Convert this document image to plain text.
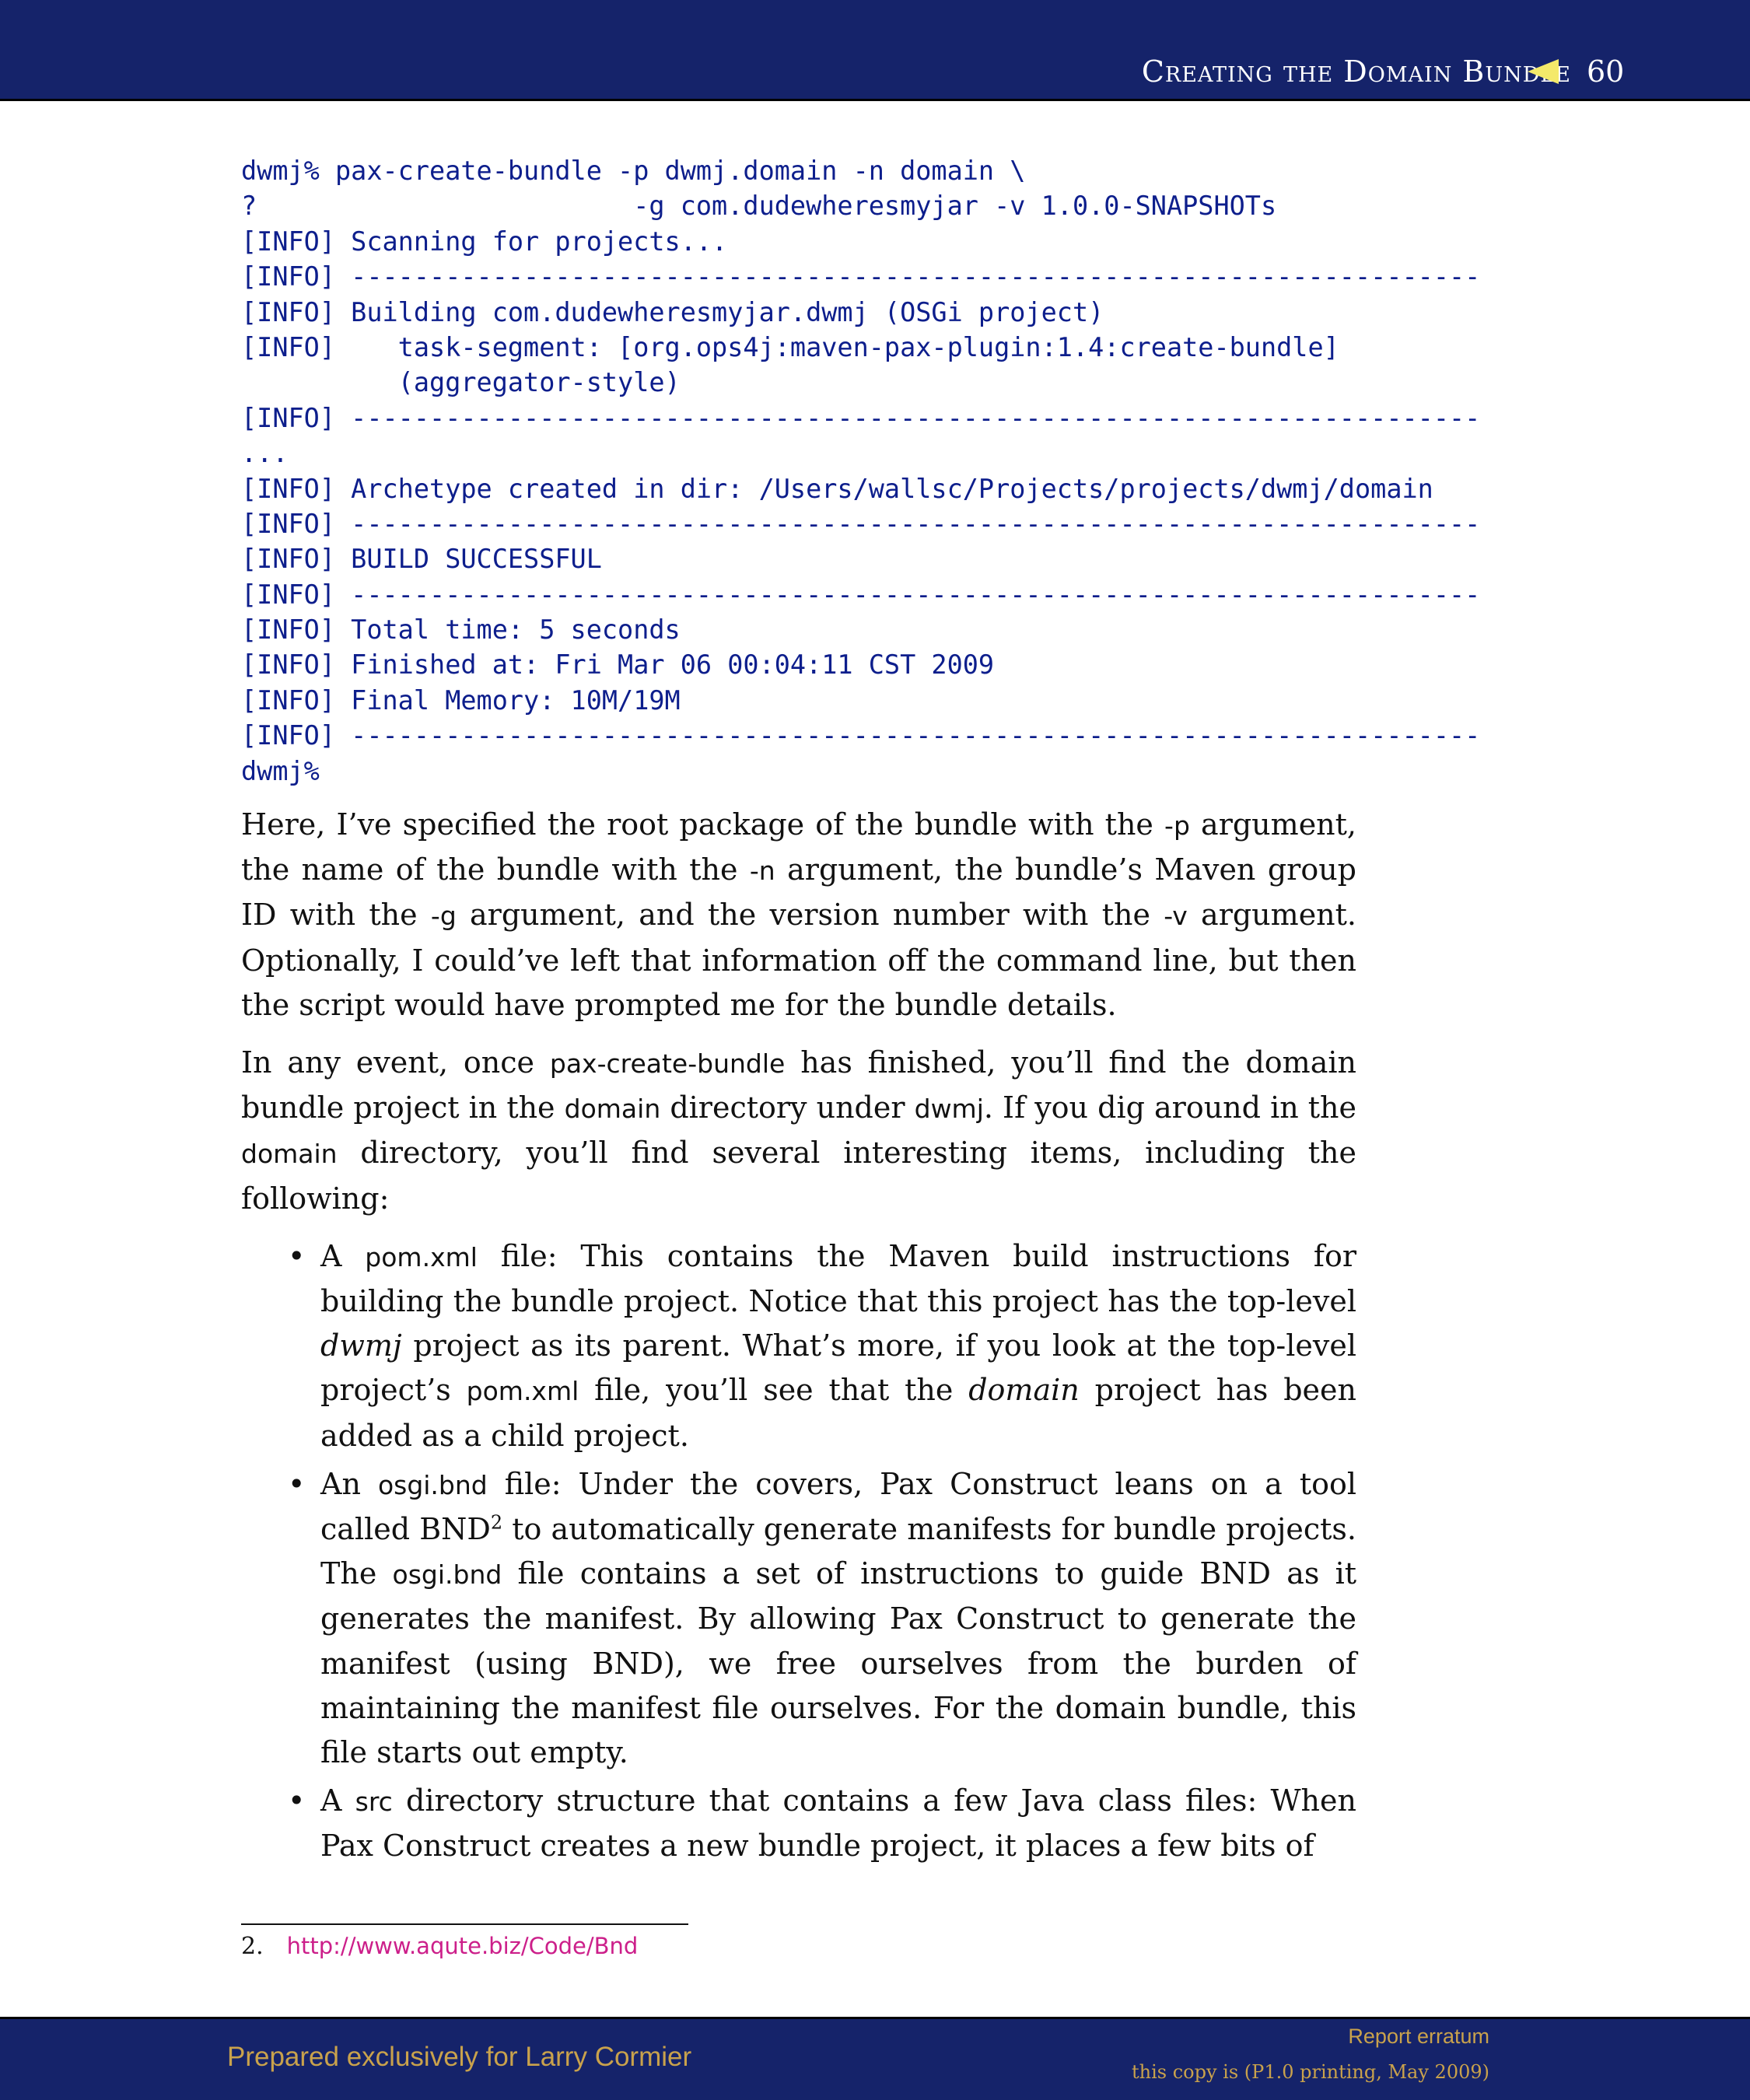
Creating the Domain Bundle 60
dwmj% pax-create-bundle -p dwmj.domain -n domain \
?                        -g com.dudewheresmyjar -v 1.0.0-SNAPSHOTs
[INFO] Scanning for projects...
[INFO] ------------------------------------------------------------------------
[INFO] Building com.dudewheresmyjar.dwmj (OSGi project)
[INFO]    task-segment: [org.ops4j:maven-pax-plugin:1.4:create-bundle]
(aggregator-style)
[INFO] ------------------------------------------------------------------------
...
[INFO] Archetype created in dir: /Users/wallsc/Projects/projects/dwmj/domain
[INFO] ------------------------------------------------------------------------
[INFO] BUILD SUCCESSFUL
[INFO] ------------------------------------------------------------------------
[INFO] Total time: 5 seconds
[INFO] Finished at: Fri Mar 06 00:04:11 CST 2009
[INFO] Final Memory: 10M/19M
[INFO] ------------------------------------------------------------------------
dwmj%

Here, I’ve specified the root package of the bundle with the -p argument, the name of the bundle with the -n argument, the bundle’s Maven group ID with the -g argument, and the version number with the -v argument. Optionally, I could’ve left that information off the command line, but then the script would have prompted me for the bundle details.

In any event, once pax-create-bundle has finished, you’ll find the domain bundle project in the domain directory under dwmj. If you dig around in the domain directory, you’ll find several interesting items, including the following:

• A pom.xml file: This contains the Maven build instructions for building the bundle project. Notice that this project has the top-level dwmj project as its parent. What’s more, if you look at the top-level project’s pom.xml file, you’ll see that the domain project has been added as a child project.
• An osgi.bnd file: Under the covers, Pax Construct leans on a tool called BND$^2$ to automatically generate manifests for bundle projects. The osgi.bnd file contains a set of instructions to guide BND as it generates the manifest. By allowing Pax Construct to generate the manifest (using BND), we free ourselves from the burden of maintaining the manifest file ourselves. For the domain bundle, this file starts out empty.
• A src directory structure that contains a few Java class files: When Pax Construct creates a new bundle project, it places a few bits of
2. http://www.aqute.biz/Code/Bnd
Prepared exclusively for Larry Cormier
Report erratum
this copy is (P1.0 printing, May 2009)
